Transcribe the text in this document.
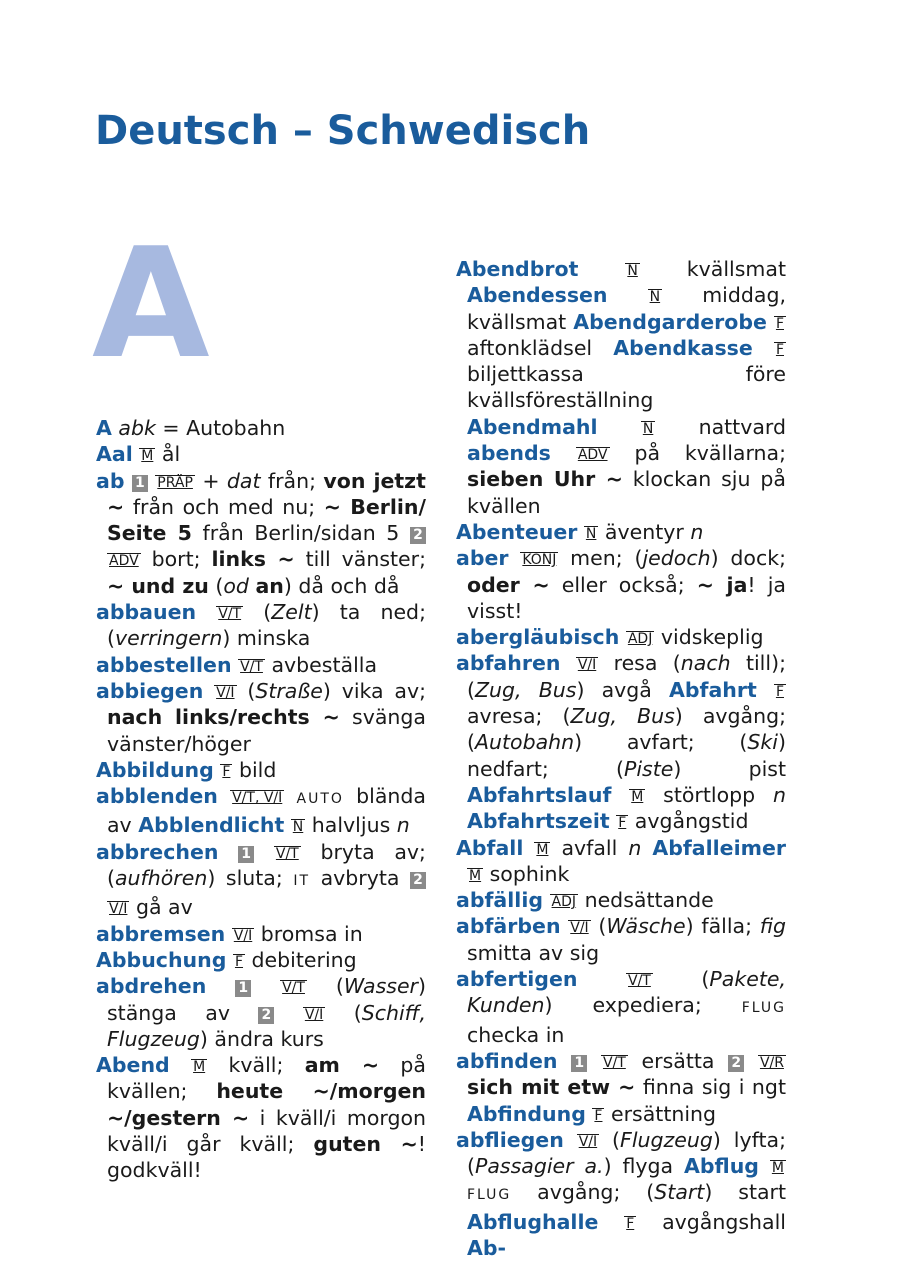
Deutsch – Schwedisch
A

A abk = Autobahn

Aal M ål

ab 1 PRÄP + dat från; von jetzt ~ från och med nu; ~ Berlin/ Seite 5 från Berlin/sidan 5 2 ADV bort; links ~ till vänster; ~ und zu (od an) då och då

abbauen V/T (Zelt) ta ned; (verringern) minska

abbestellen V/T avbeställa

abbiegen V/I (Straße) vika av; nach links/rechts ~ svänga vänster/höger

Abbildung F bild

abblenden V/T, V/I AUTO blända av Abblendlicht N halvljus n

abbrechen 1 V/T bryta av; (aufhören) sluta; IT avbryta 2 V/I gå av

abbremsen V/I bromsa in

Abbuchung F debitering

abdrehen 1 V/T (Wasser) stänga av 2 V/I (Schiff, Flugzeug) ändra kurs

Abend M kväll; am ~ på kvällen; heute ~/morgen ~/gestern ~ i kväll/i morgon kväll/i går kväll; guten ~! godkväll!

Abendbrot	N kvällsmat Abendessen	N middag, kvällsmat Abendgarderobe F aftonklädsel Abendkasse F biljettkassa före kvällsföreställning Abendmahl	N nattvard abends ADV på kvällarna; sieben Uhr ~ klockan sju på kvällen

Abenteuer N äventyr n

aber KONJ men; (jedoch) dock; oder ~ eller också; ~ ja! ja visst!

abergläubisch ADJ vidskeplig

abfahren V/I resa (nach till); (Zug, Bus) avgå Abfahrt F avresa; (Zug, Bus) avgång; (Autobahn) avfart; (Ski) nedfart; (Piste) pist Abfahrtslauf M störtlopp n Abfahrtszeit F avgångstid

Abfall M avfall n Abfalleimer M sophink

abfällig ADJ nedsättande

abfärben V/I (Wäsche) fälla; fig smitta av sig

abfertigen	V/T (Pakete, Kunden) expediera;	FLUG checka in

abfinden 1 V/T ersätta 2 V/R sich mit etw ~ finna sig i ngt Abfindung F ersättning

abfliegen V/I (Flugzeug) lyfta; (Passagier a.) flyga Abflug M FLUG avgång; (Start) start Abflughalle F avgångshall Ab-
